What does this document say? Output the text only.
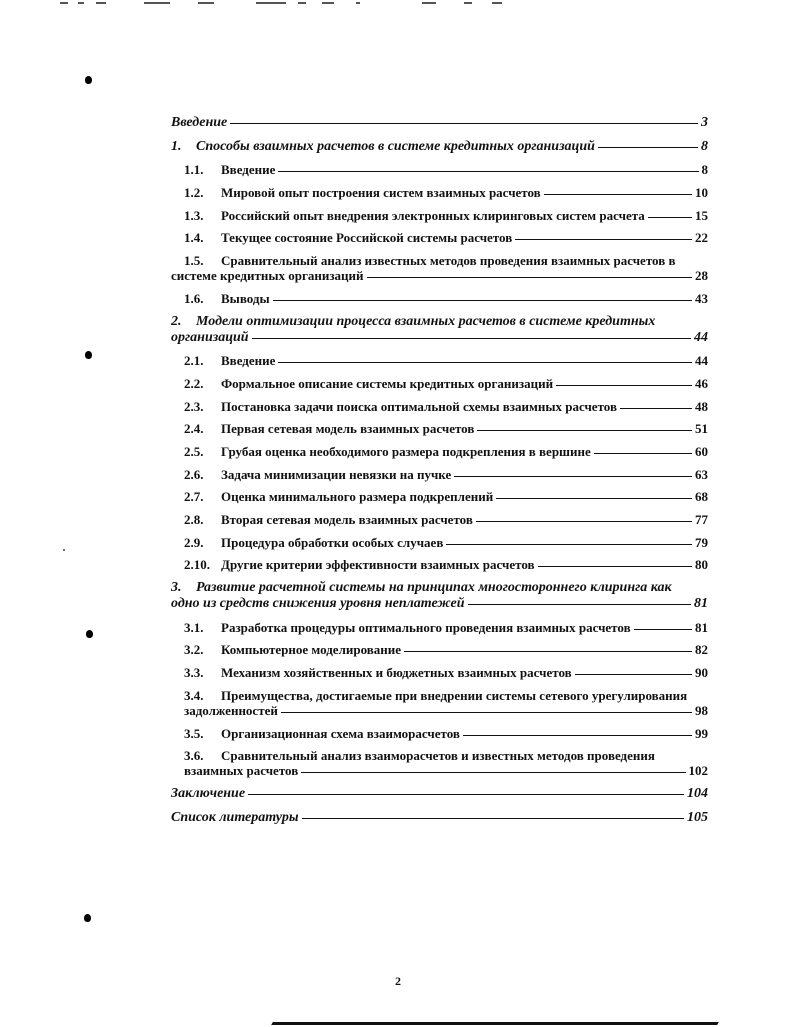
Введение	3
1.	Способы взаимных расчетов в системе кредитных организаций	8
1.1.	Введение	8
1.2.	Мировой опыт построения систем взаимных расчетов	10
1.3.	Российский опыт внедрения электронных клиринговых систем расчета	15
1.4.	Текущее состояние Российской системы расчетов	22
1.5. Сравнительный анализ известных методов проведения взаимных расчетов в
системе кредитных организаций	28
1.6.	Выводы	43
2. Модели оптимизации процесса взаимных расчетов в системе кредитных
организаций	44
2.1.	Введение	44
2.2.	Формальное описание системы кредитных организаций	46
2.3.	Постановка задачи поиска оптимальной схемы взаимных расчетов	48
2.4.	Первая сетевая модель взаимных расчетов	51
2.5.	Грубая оценка необходимого размера подкрепления в вершине	60
2.6.	Задача минимизации невязки на пучке	63
2.7.	Оценка минимального размера подкреплений	68
2.8.	Вторая сетевая модель взаимных расчетов	77
2.9.	Процедура обработки особых случаев	79
2.10. Другие критерии эффективности взаимных расчетов	80
3. Развитие расчетной системы на принципах многостороннего клиринга как
одно из средств снижения уровня неплатежей	81
3.1.	Разработка процедуры оптимального проведения взаимных расчетов	81
3.2.	Компьютерное моделирование	82
3.3.	Механизм хозяйственных и бюджетных взаимных расчетов	90
3.4. Преимущества, достигаемые при внедрении системы сетевого урегулирования
задолженностей	98
3.5.	Организационная схема взаиморасчетов	99
3.6. Сравнительный анализ взаиморасчетов и известных методов проведения
взаимных расчетов	102
Заключение	104
Список литературы	105
2
